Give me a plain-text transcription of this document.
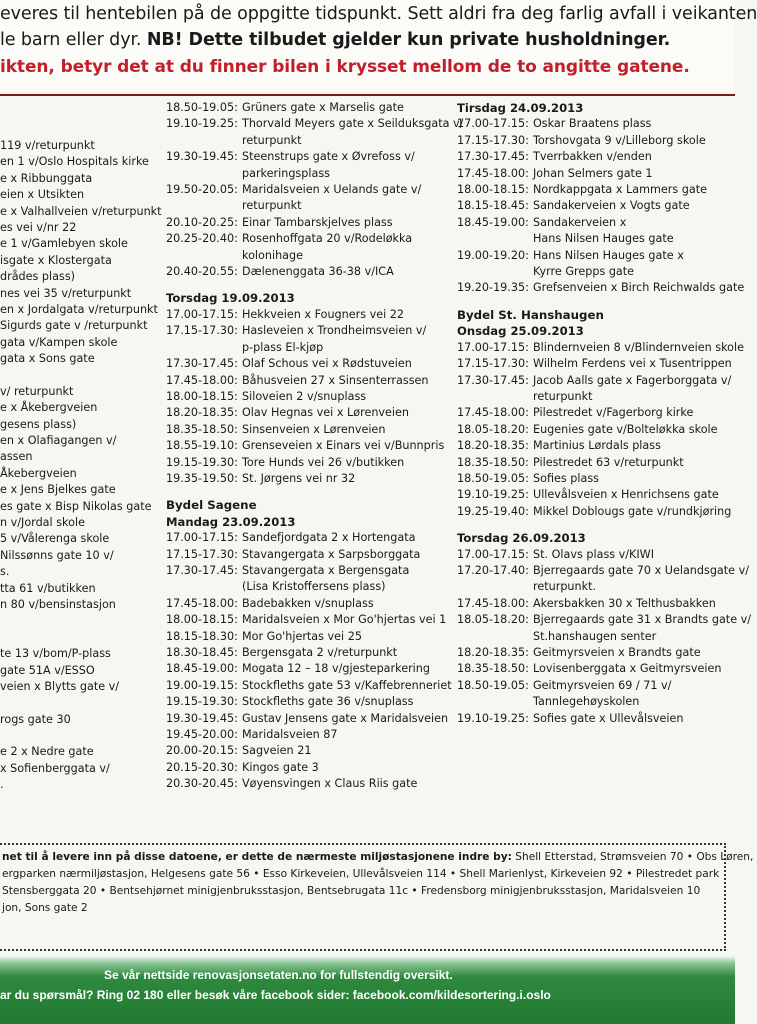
everes til hentebilen på de oppgitte tidspunkt. Sett aldri fra deg farlig avfall i veikanten
le barn eller dyr. NB! Dette tilbudet gjelder kun private husholdninger.
ikten, betyr det at du finner bilen i krysset mellom de to angitte gatene.
119 v/returpunkt
en 1 v/Oslo Hospitals kirke
e x Ribbunggata
eien x Utsikten
e x Valhallveien v/returpunkt
es vei v/nr 22
e 1 v/Gamlebyen skole
isgate x Klostergata
drådes plass)
nes vei 35 v/returpunkt
en x Jordalgata v/returpunkt
Sigurds gate v /returpunkt
gata v/Kampen skole
gata x Sons gate
v/ returpunkt
e x Åkebergveien
gesens plass)
en x Olafiagangen v/
assen
Åkebergveien
e x Jens Bjelkes gate
es gate x Bisp Nikolas gate
n v/Jordal skole
5 v/Vålerenga skole
Nilssønns gate 10 v/
s.
tta 61 v/butikken
n 80 v/bensinstasjon
te 13 v/bom/P-plass
gate 51A v/ESSO
veien x Blytts gate v/
rogs gate 30
e 2 x Nedre gate
x Sofienberggata v/
.
18.50-19.05: Grüners gate x Marselis gate
19.10-19.25: Thorvald Meyers gate x Seilduksgata v/
returpunkt
19.30-19.45: Steenstrups gate x Øvrefoss v/
parkeringsplass
19.50-20.05: Maridalsveien x Uelands gate v/
returpunkt
20.10-20.25: Einar Tambarskjelves plass
20.25-20.40: Rosenhoffgata 20 v/Rodeløkka
kolonihage
20.40-20.55: Dælenenggata 36-38 v/ICA
Torsdag 19.09.2013
17.00-17.15: Hekkveien x Fougners vei 22
17.15-17.30: Hasleveien x Trondheimsveien v/
p-plass El-kjøp
17.30-17.45: Olaf Schous vei x Rødstuveien
17.45-18.00: Båhusveien 27 x Sinsenterrassen
18.00-18.15: Siloveien 2 v/snuplass
18.20-18.35: Olav Hegnas vei x Lørenveien
18.35-18.50: Sinsenveien x Lørenveien
18.55-19.10: Grenseveien x Einars vei v/Bunnpris
19.15-19.30: Tore Hunds vei 26 v/butikken
19.35-19.50: St. Jørgens vei nr 32
Bydel Sagene
Mandag 23.09.2013
17.00-17.15: Sandefjordgata 2 x Hortengata
17.15-17.30: Stavangergata x Sarpsborggata
17.30-17.45: Stavangergata x Bergensgata
(Lisa Kristoffersens plass)
17.45-18.00: Badebakken v/snuplass
18.00-18.15: Maridalsveien x Mor Go'hjertas vei 1
18.15-18.30: Mor Go'hjertas vei 25
18.30-18.45: Bergensgata 2 v/returpunkt
18.45-19.00: Mogata 12 – 18 v/gjesteparkering
19.00-19.15: Stockfleths gate 53 v/Kaffebrenneriet
19.15-19.30: Stockfleths gate 36 v/snuplass
19.30-19.45: Gustav Jensens gate x Maridalsveien
19.45-20.00: Maridalsveien 87
20.00-20.15: Sagveien 21
20.15-20.30: Kingos gate 3
20.30-20.45: Vøyensvingen x Claus Riis gate
Tirsdag 24.09.2013
17.00-17.15: Oskar Braatens plass
17.15-17.30: Torshovgata 9 v/Lilleborg skole
17.30-17.45: Tverrbakken v/enden
17.45-18.00: Johan Selmers gate 1
18.00-18.15: Nordkappgata x Lammers gate
18.15-18.45: Sandakerveien x Vogts gate
18.45-19.00: Sandakerveien x
Hans Nilsen Hauges gate
19.00-19.20: Hans Nilsen Hauges gate x
Kyrre Grepps gate
19.20-19.35: Grefsenveien x Birch Reichwalds gate
Bydel St. Hanshaugen
Onsdag 25.09.2013
17.00-17.15: Blindernveien 8 v/Blindernveien skole
17.15-17.30: Wilhelm Ferdens vei x Tusentrippen
17.30-17.45: Jacob Aalls gate x Fagerborggata v/
returpunkt
17.45-18.00: Pilestredet v/Fagerborg kirke
18.05-18.20: Eugenies gate v/Bolteløkka skole
18.20-18.35: Martinius Lørdals plass
18.35-18.50: Pilestredet 63 v/returpunkt
18.50-19.05: Sofies plass
19.10-19.25: Ullevålsveien x Henrichsens gate
19.25-19.40: Mikkel Doblougs gate v/rundkjøring
Torsdag 26.09.2013
17.00-17.15: St. Olavs plass v/KIWI
17.20-17.40: Bjerregaards gate 70 x Uelandsgate v/
returpunkt.
17.45-18.00: Akersbakken 30 x Telthusbakken
18.05-18.20: Bjerregaards gate 31 x Brandts gate v/
St.hanshaugen senter
18.20-18.35: Geitmyrsveien x Brandts gate
18.35-18.50: Lovisenberggata x Geitmyrsveien
18.50-19.05: Geitmyrsveien 69 / 71 v/
Tannlegehøyskolen
19.10-19.25: Sofies gate x Ullevålsveien
net til å levere inn på disse datoene, er dette de nærmeste miljøstasjonene indre by: Shell Etterstad, Strømsveien 70 • Obs Løren,
ergparken nærmiljøstasjon, Helgesens gate 56 • Esso Kirkeveien, Ullevålsveien 114 • Shell Marienlyst, Kirkeveien 92 • Pilestredet park
Stensberggata 20 • Bentsehjørnet minigjenbruksstasjon, Bentsebrugata 11c • Fredensborg minigjenbruksstasjon, Maridalsveien 10
jon, Sons gate 2
Se vår nettside renovasjonsetaten.no for fullstendig oversikt.
ar du spørsmål? Ring 02 180 eller besøk våre facebook sider: facebook.com/kildesortering.i.oslo
